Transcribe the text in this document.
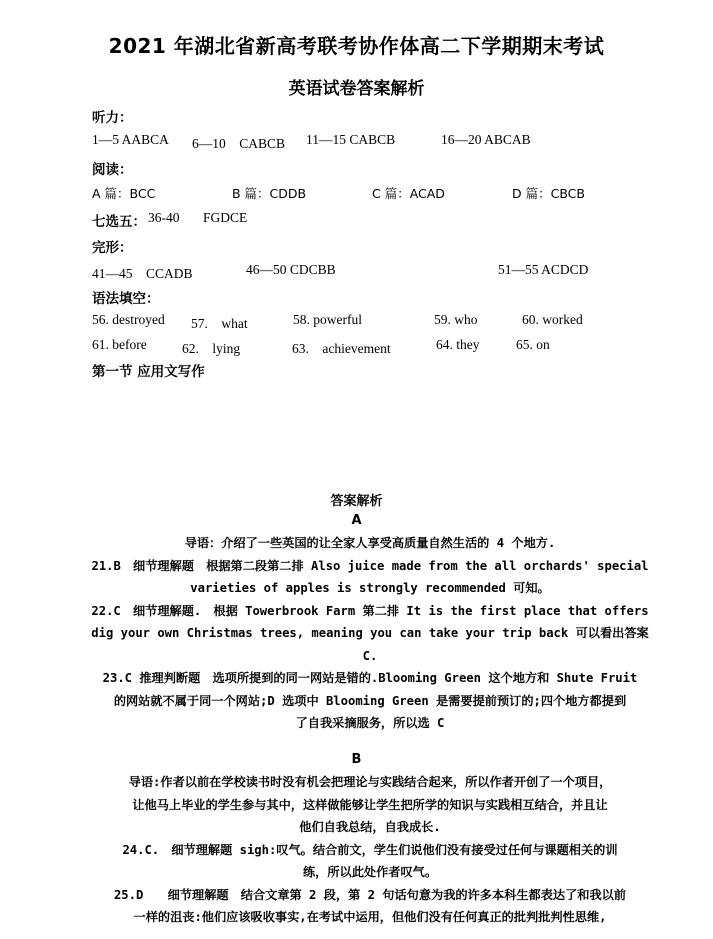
2021 年湖北省新高考联考协作体高二下学期期末考试
英语试卷答案解析
听力：
1—5 AABCA 6—10　CABCB 11—15 CABCB	16—20 ABCAB
阅读：
A 篇：BCC	B 篇：CDDB	C 篇：ACAD	D 篇：CBCB
七选五： 36-40 FGDCE
完形：
41—45　CCADB	46—50 CDCBB	51—55 ACDCD
语法填空：
56. destroyed 57.　what	58. powerful	59. who	60. worked
61. before	62.　lying	63.　achievement	64. they	65. on
第一节 应用文写作
答案解析
A
导语：介绍了一些英国的让全家人享受高质量自然生活的 4 个地方.
21.B　细节理解题　根据第二段第二排 Also juice made from the all orchards' special
varieties of apples is strongly recommended 可知。
22.C　细节理解题.　根据 Towerbrook Farm 第二排 It is the first place that offers
dig your own Christmas trees, meaning you can take your trip back 可以看出答案
C.
23.C 推理判断题　选项所提到的同一网站是错的.Blooming Green 这个地方和 Shute Fruit
的网站就不属于同一个网站;D 选项中 Blooming Green 是需要提前预订的;四个地方都提到
了自我采摘服务，所以选 C
B
导语:作者以前在学校读书时没有机会把理论与实践结合起来，所以作者开创了一个项目，
让他马上毕业的学生参与其中，这样做能够让学生把所学的知识与实践相互结合，并且让
他们自我总结，自我成长.
24.C.　细节理解题 sigh:叹气。结合前文，学生们说他们没有接受过任何与课题相关的训
练，所以此处作者叹气。
25.D　　细节理解题　结合文章第 2 段，第 2 句话句意为我的许多本科生都表达了和我以前
一样的沮丧:他们应该吸收事实,在考试中运用，但他们没有任何真正的批判批判性思维,
